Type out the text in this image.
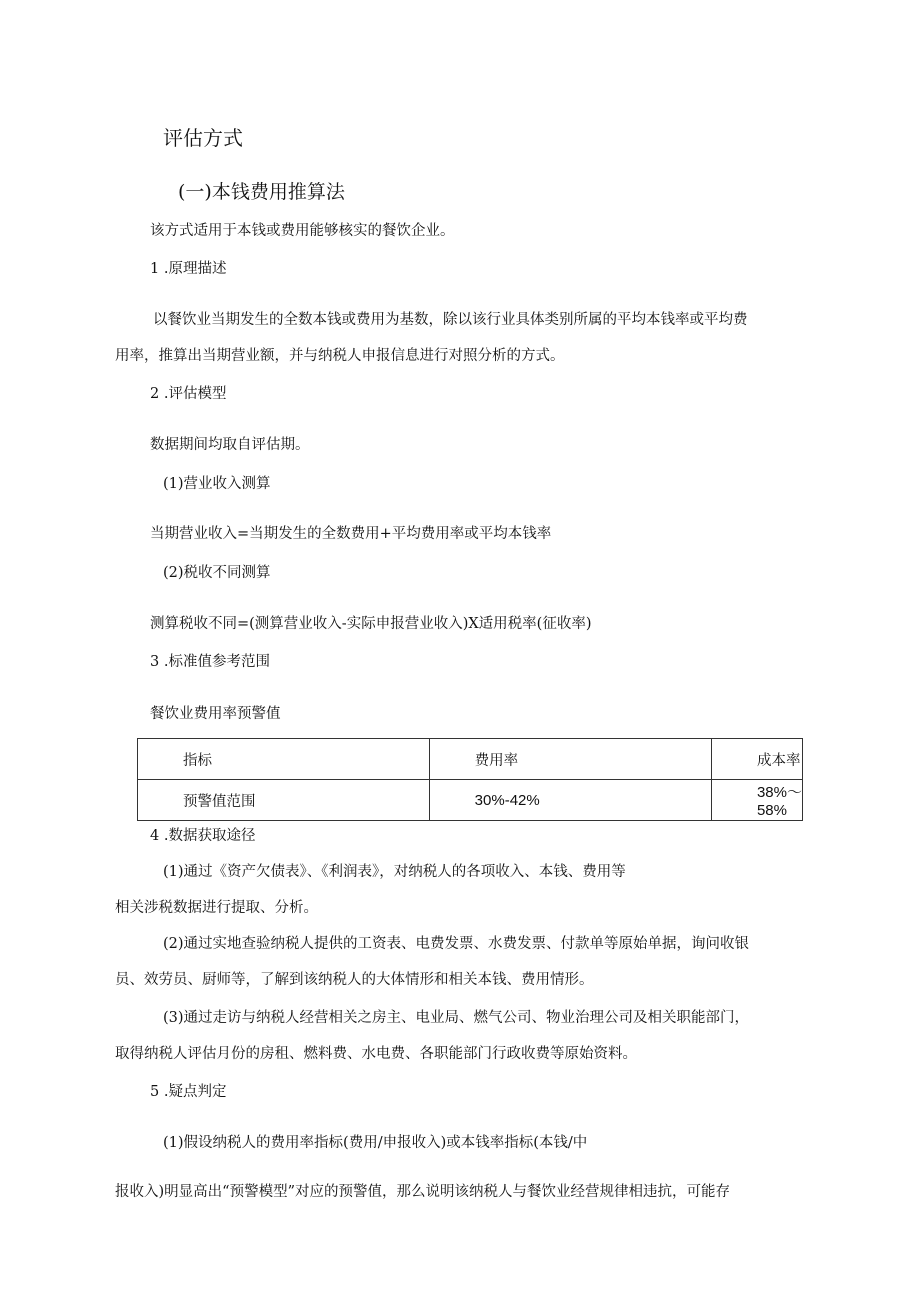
评估方式
(一)本钱费用推算法
该方式适用于本钱或费用能够核实的餐饮企业。
1 .原理描述
以餐饮业当期发生的全数本钱或费用为基数，除以该行业具体类别所属的平均本钱率或平均费
用率，推算出当期营业额，并与纳税人申报信息进行对照分析的方式。
2 .评估模型
数据期间均取自评估期。
(1)营业收入测算
当期营业收入=当期发生的全数费用+平均费用率或平均本钱率
(2)税收不同测算
测算税收不同=(测算营业收入-实际申报营业收入)X适用税率(征收率)
3 .标准值参考范围
餐饮业费用率预警值
指标	费用率	成本率
预警值范围	30%-42%	38%〜58%
4 .数据获取途径
(1)通过《资产欠债表》、《利润表》，对纳税人的各项收入、本钱、费用等
相关涉税数据进行提取、分析。
(2)通过实地查验纳税人提供的工资表、电费发票、水费发票、付款单等原始单据，询问收银
员、效劳员、厨师等，了解到该纳税人的大体情形和相关本钱、费用情形。
(3)通过走访与纳税人经营相关之房主、电业局、燃气公司、物业治理公司及相关职能部门，
取得纳税人评估月份的房租、燃料费、水电费、各职能部门行政收费等原始资料。
5 .疑点判定
(1)假设纳税人的费用率指标(费用/申报收入)或本钱率指标(本钱/中
报收入)明显高出“预警模型”对应的预警值，那么说明该纳税人与餐饮业经营规律相违抗，可能存
